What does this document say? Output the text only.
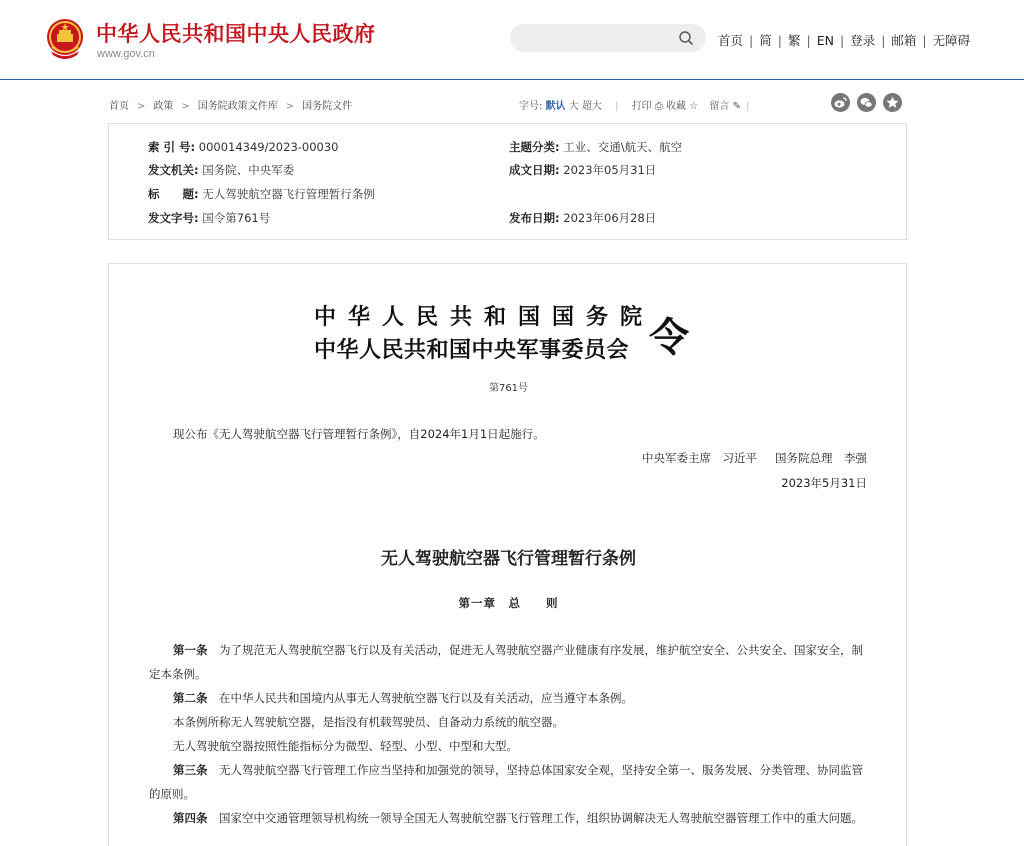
中华人民共和国中央人民政府
www.gov.cn
首页 | 简 | 繁 | EN | 登录 | 邮箱 | 无障碍
首页 > 政策 > 国务院政策文件库 > 国务院文件	字号: 默认 大 超大 | 打印 ⎙ 收藏 ☆ 留言 ✎ |
索 引 号: 000014349/2023-00030	主题分类: 工业、交通\航天、航空
发文机关: 国务院、中央军委	成文日期: 2023年05月31日
标　　题: 无人驾驶航空器飞行管理暂行条例
发文字号: 国令第761号	发布日期: 2023年06月28日
中华人民共和国国务院
中华人民共和国中央军事委员会 令
第761号
现公布《无人驾驶航空器飞行管理暂行条例》，自2024年1月1日起施行。
中央军委主席　习近平 国务院总理　李强
2023年5月31日
无人驾驶航空器飞行管理暂行条例
第一章　总　　则
第一条　为了规范无人驾驶航空器飞行以及有关活动，促进无人驾驶航空器产业健康有序发展，维护航空安全、公共安全、国家安全，制定本条例。
第二条　在中华人民共和国境内从事无人驾驶航空器飞行以及有关活动，应当遵守本条例。
本条例所称无人驾驶航空器，是指没有机载驾驶员、自备动力系统的航空器。
无人驾驶航空器按照性能指标分为微型、轻型、小型、中型和大型。
第三条　无人驾驶航空器飞行管理工作应当坚持和加强党的领导，坚持总体国家安全观，坚持安全第一、服务发展、分类管理、协同监管的原则。
第四条　国家空中交通管理领导机构统一领导全国无人驾驶航空器飞行管理工作，组织协调解决无人驾驶航空器管理工作中的重大问题。
